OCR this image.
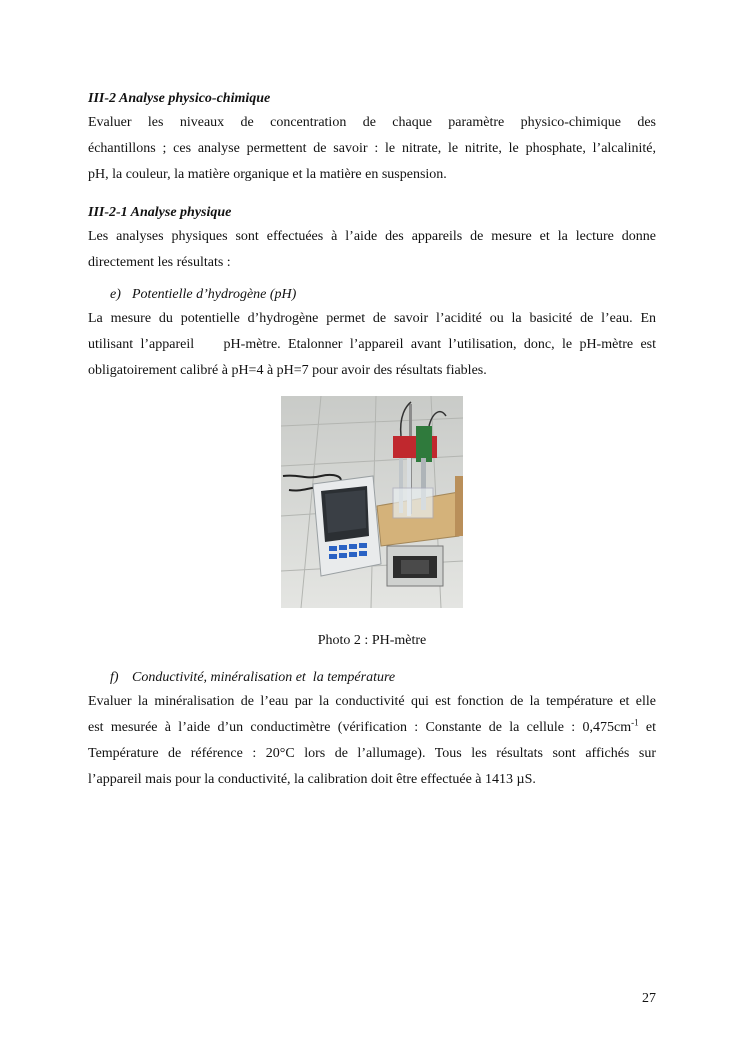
III-2 Analyse physico-chimique
Evaluer les niveaux de concentration de chaque paramètre physico-chimique des
échantillons ; ces analyse permettent de savoir : le nitrate, le nitrite, le phosphate, l’alcalinité,
pH, la couleur, la matière organique et la matière en suspension.
III-2-1 Analyse physique
Les analyses physiques sont effectuées à l’aide des appareils de mesure et la lecture donne
directement les résultats :
e) Potentielle d’hydrogène (pH)
La mesure du potentielle d’hydrogène permet de savoir l’acidité ou la basicité de l’eau. En
utilisant l’appareil    pH-mètre. Etalonner l’appareil avant l’utilisation, donc, le pH-mètre est
obligatoirement calibré à pH=4 à pH=7 pour avoir des résultats fiables.
Photo 2 : PH-mètre
f) Conductivité, minéralisation et  la température
Evaluer la minéralisation de l’eau par la conductivité qui est fonction de la température et elle
est mesurée à l’aide d’un conductimètre (vérification : Constante de la cellule : $0,475cm^{-1}$ et
Température de référence : 20°C lors de l’allumage). Tous les résultats sont affichés sur
l’appareil mais pour la conductivité, la calibration doit être effectuée à 1413 µS.
27
